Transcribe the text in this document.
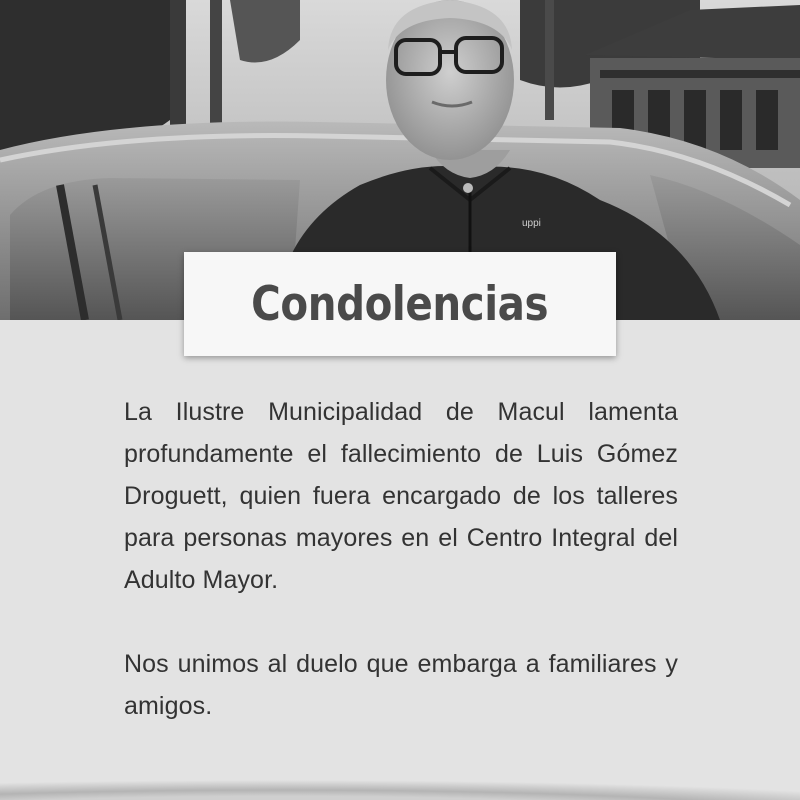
uppi
Condolencias

La Ilustre Municipalidad de Macul lamenta profundamente el fallecimiento de Luis Gómez Droguett, quien fuera encargado de los talleres para personas mayores en el Centro Integral del Adulto Mayor.

Nos unimos al duelo que embarga a familiares y amigos.
